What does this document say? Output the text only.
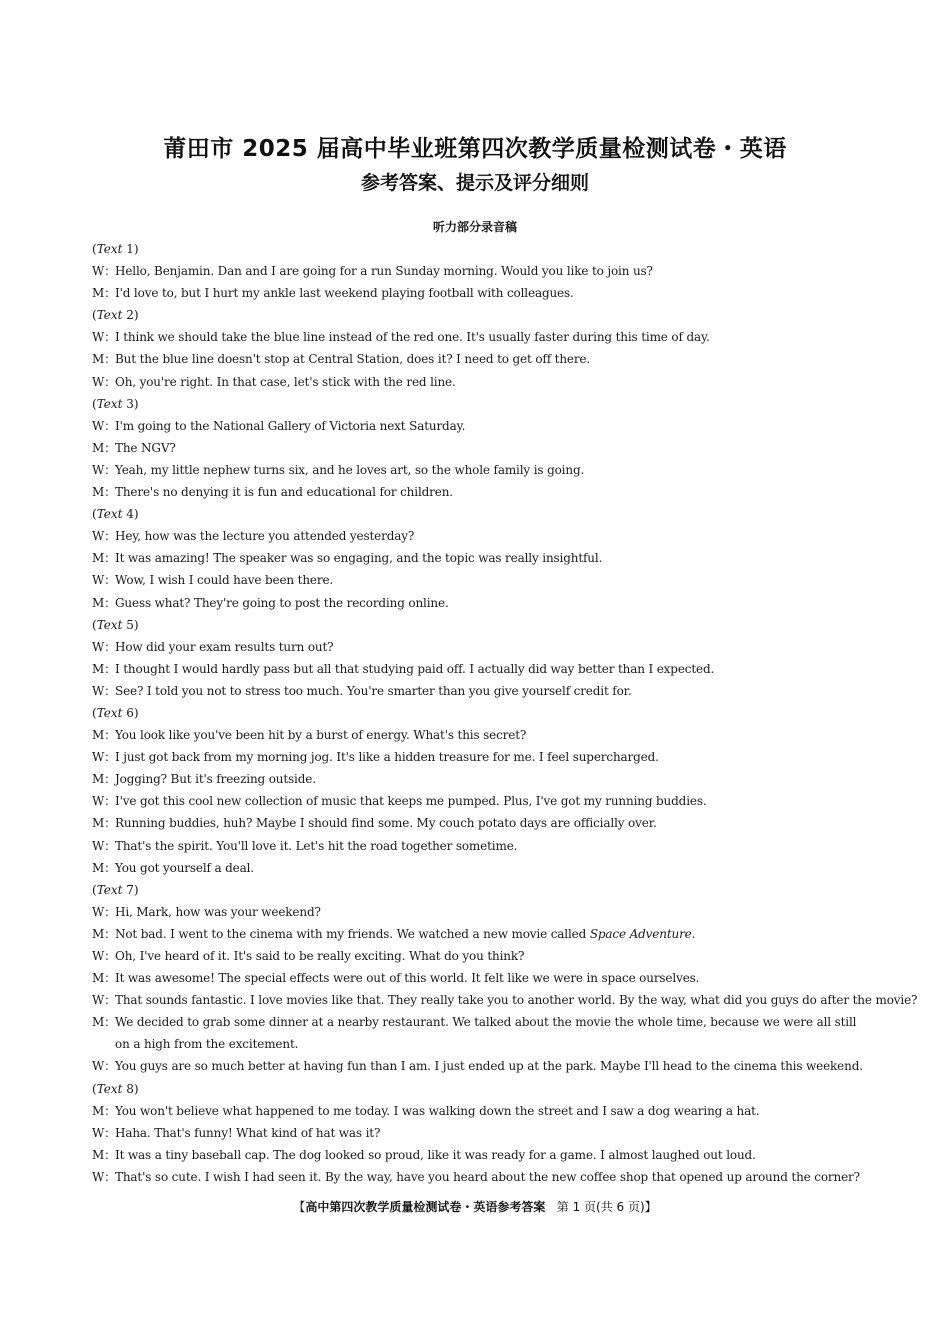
莆田市 2025 届高中毕业班第四次教学质量检测试卷・英语
参考答案、提示及评分细则
听力部分录音稿
(Text 1)
W：
Hello, Benjamin. Dan and I are going for a run Sunday morning. Would you like to join us?
M： I'd love to, but I hurt my ankle last weekend playing football with colleagues.
(Text 2)
W：
I think we should take the blue line instead of the red one. It's usually faster during this time of day.
M： But the blue line doesn't stop at Central Station, does it? I need to get off there.
W：
Oh, you're right. In that case, let's stick with the red line.
(Text 3)
W：
I'm going to the National Gallery of Victoria next Saturday.
M： The NGV?
W：
Yeah, my little nephew turns six, and he loves art, so the whole family is going.
M： There's no denying it is fun and educational for children.
(Text 4)
W：
Hey, how was the lecture you attended yesterday?
M： It was amazing! The speaker was so engaging, and the topic was really insightful.
W：
Wow, I wish I could have been there.
M： Guess what? They're going to post the recording online.
(Text 5)
W：
How did your exam results turn out?
M： I thought I would hardly pass but all that studying paid off. I actually did way better than I expected.
W：
See? I told you not to stress too much. You're smarter than you give yourself credit for.
(Text 6)
M： You look like you've been hit by a burst of energy. What's this secret?
W：
I just got back from my morning jog. It's like a hidden treasure for me. I feel supercharged.
M： Jogging? But it's freezing outside.
W：
I've got this cool new collection of music that keeps me pumped. Plus, I've got my running buddies.
M： Running buddies, huh? Maybe I should find some. My couch potato days are officially over.
W：
That's the spirit. You'll love it. Let's hit the road together sometime.
M： You got yourself a deal.
(Text 7)
W：
Hi, Mark, how was your weekend?
M： Not bad. I went to the cinema with my friends. We watched a new movie called Space Adventure.
W：
Oh, I've heard of it. It's said to be really exciting. What do you think?
M： It was awesome! The special effects were out of this world. It felt like we were in space ourselves.
W：
That sounds fantastic. I love movies like that. They really take you to another world. By the way, what did you guys do after the movie?
M： We decided to grab some dinner at a nearby restaurant. We talked about the movie the whole time, because we were all still on a high from the excitement.
W：
You guys are so much better at having fun than I am. I just ended up at the park. Maybe I'll head to the cinema this weekend.
(Text 8)
M： You won't believe what happened to me today. I was walking down the street and I saw a dog wearing a hat.
W：
Haha. That's funny! What kind of hat was it?
M： It was a tiny baseball cap. The dog looked so proud, like it was ready for a game. I almost laughed out loud.
W：
That's so cute. I wish I had seen it. By the way, have you heard about the new coffee shop that opened up around the corner?
【高中第四次教学质量检测试卷・英语参考答案 第 1 页(共 6 页)】
